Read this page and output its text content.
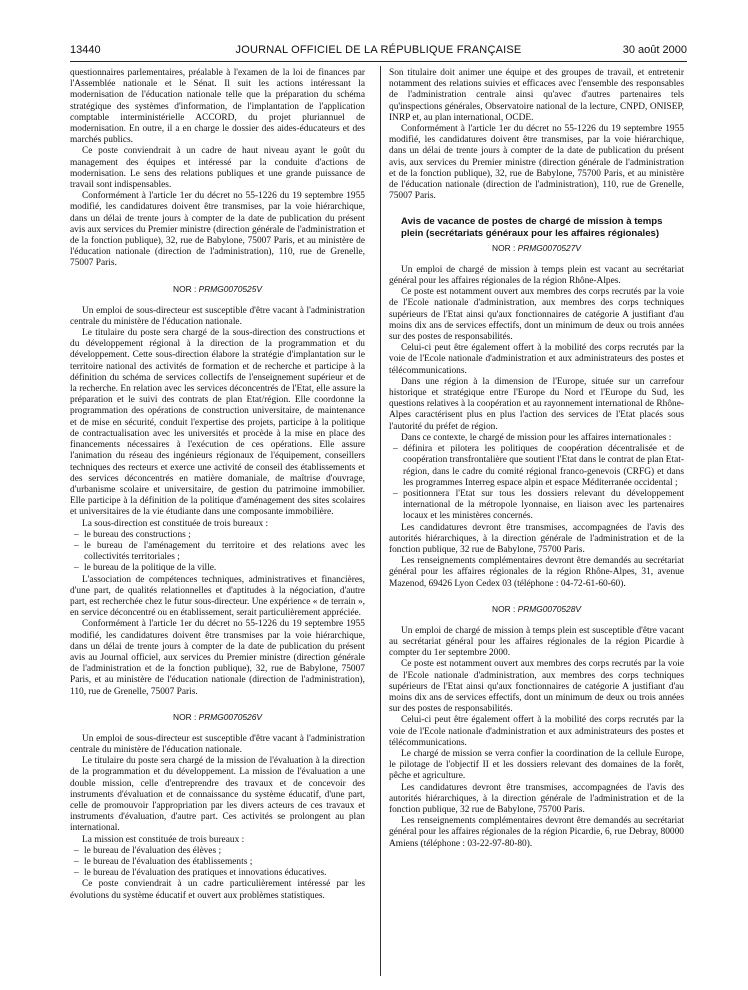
13440	JOURNAL OFFICIEL DE LA RÉPUBLIQUE FRANÇAISE	30 août 2000

questionnaires parlementaires, préalable à l'examen de la loi de finances par l'Assemblée nationale et le Sénat. Il suit les actions intéressant la modernisation de l'éducation nationale telle que la préparation du schéma stratégique des systèmes d'information, de l'implantation de l'application comptable interministérielle ACCORD, du projet pluriannuel de modernisation. En outre, il a en charge le dossier des aides-éducateurs et des marchés publics.

Ce poste conviendrait à un cadre de haut niveau ayant le goût du management des équipes et intéressé par la conduite d'actions de modernisation. Le sens des relations publiques et une grande puissance de travail sont indispensables.

Conformément à l'article 1er du décret no 55-1226 du 19 septembre 1955 modifié, les candidatures doivent être transmises, par la voie hiérarchique, dans un délai de trente jours à compter de la date de publication du présent avis aux services du Premier ministre (direction générale de l'administration et de la fonction publique), 32, rue de Babylone, 75007 Paris, et au ministère de l'éducation nationale (direction de l'administration), 110, rue de Grenelle, 75007 Paris.

NOR : PRMG0070525V

Un emploi de sous-directeur est susceptible d'être vacant à l'administration centrale du ministère de l'éducation nationale.

Le titulaire du poste sera chargé de la sous-direction des constructions et du développement régional à la direction de la programmation et du développement. Cette sous-direction élabore la stratégie d'implantation sur le territoire national des activités de formation et de recherche et participe à la définition du schéma de services collectifs de l'enseignement supérieur et de la recherche. En relation avec les services déconcentrés de l'Etat, elle assure la préparation et le suivi des contrats de plan Etat/région. Elle coordonne la programmation des opérations de construction universitaire, de maintenance et de mise en sécurité, conduit l'expertise des projets, participe à la politique de contractualisation avec les universités et procède à la mise en place des financements nécessaires à l'exécution de ces opérations. Elle assure l'animation du réseau des ingénieurs régionaux de l'équipement, conseillers techniques des recteurs et exerce une activité de conseil des établissements et des services déconcentrés en matière domaniale, de maîtrise d'ouvrage, d'urbanisme scolaire et universitaire, de gestion du patrimoine immobilier. Elle participe à la définition de la politique d'aménagement des sites scolaires et universitaires de la vie étudiante dans une composante immobilière.

La sous-direction est constituée de trois bureaux :

– le bureau des constructions ;
– le bureau de l'aménagement du territoire et des relations avec les collectivités territoriales ;
– le bureau de la politique de la ville.

L'association de compétences techniques, administratives et financières, d'une part, de qualités relationnelles et d'aptitudes à la négociation, d'autre part, est recherchée chez le futur sous-directeur. Une expérience « de terrain », en service déconcentré ou en établissement, serait particulièrement appréciée.

Conformément à l'article 1er du décret no 55-1226 du 19 septembre 1955 modifié, les candidatures doivent être transmises par la voie hiérarchique, dans un délai de trente jours à compter de la date de publication du présent avis au Journal officiel, aux services du Premier ministre (direction générale de l'administration et de la fonction publique), 32, rue de Babylone, 75007 Paris, et au ministère de l'éducation nationale (direction de l'administration), 110, rue de Grenelle, 75007 Paris.

NOR : PRMG0070526V

Un emploi de sous-directeur est susceptible d'être vacant à l'administration centrale du ministère de l'éducation nationale.

Le titulaire du poste sera chargé de la mission de l'évaluation à la direction de la programmation et du développement. La mission de l'évaluation a une double mission, celle d'entreprendre des travaux et de concevoir des instruments d'évaluation et de connaissance du système éducatif, d'une part, celle de promouvoir l'appropriation par les divers acteurs de ces travaux et instruments d'évaluation, d'autre part. Ces activités se prolongent au plan international.

La mission est constituée de trois bureaux :

– le bureau de l'évaluation des élèves ;
– le bureau de l'évaluation des établissements ;
– le bureau de l'évaluation des pratiques et innovations éducatives.

Ce poste conviendrait à un cadre particulièrement intéressé par les évolutions du système éducatif et ouvert aux problèmes statistiques.

Son titulaire doit animer une équipe et des groupes de travail, et entretenir notamment des relations suivies et efficaces avec l'ensemble des responsables de l'administration centrale ainsi qu'avec d'autres partenaires tels qu'inspections générales, Observatoire national de la lecture, CNPD, ONISEP, INRP et, au plan international, OCDE.

Conformément à l'article 1er du décret no 55-1226 du 19 septembre 1955 modifié, les candidatures doivent être transmises, par la voie hiérarchique, dans un délai de trente jours à compter de la date de publication du présent avis, aux services du Premier ministre (direction générale de l'administration et de la fonction publique), 32, rue de Babylone, 75700 Paris, et au ministère de l'éducation nationale (direction de l'administration), 110, rue de Grenelle, 75007 Paris.

Avis de vacance de postes de chargé de mission à temps plein (secrétariats généraux pour les affaires régionales)
NOR : PRMG0070527V

Un emploi de chargé de mission à temps plein est vacant au secrétariat général pour les affaires régionales de la région Rhône-Alpes.

Ce poste est notamment ouvert aux membres des corps recrutés par la voie de l'Ecole nationale d'administration, aux membres des corps techniques supérieurs de l'Etat ainsi qu'aux fonctionnaires de catégorie A justifiant d'au moins dix ans de services effectifs, dont un minimum de deux ou trois années sur des postes de responsabilités.

Celui-ci peut être également offert à la mobilité des corps recrutés par la voie de l'Ecole nationale d'administration et aux administrateurs des postes et télécommunications.

Dans une région à la dimension de l'Europe, située sur un carrefour historique et stratégique entre l'Europe du Nord et l'Europe du Sud, les questions relatives à la coopération et au rayonnement international de Rhône-Alpes caractérisent plus en plus l'action des services de l'Etat placés sous l'autorité du préfet de région.

Dans ce contexte, le chargé de mission pour les affaires internationales :

– définira et pilotera les politiques de coopération décentralisée et de coopération transfrontalière que soutient l'Etat dans le contrat de plan Etat-région, dans le cadre du comité régional franco-genevois (CRFG) et dans les programmes Interreg espace alpin et espace Méditerranée occidental ;
– positionnera l'Etat sur tous les dossiers relevant du développement international de la métropole lyonnaise, en liaison avec les partenaires locaux et les ministères concernés.

Les candidatures devront être transmises, accompagnées de l'avis des autorités hiérarchiques, à la direction générale de l'administration et de la fonction publique, 32 rue de Babylone, 75700 Paris.

Les renseignements complémentaires devront être demandés au secrétariat général pour les affaires régionales de la région Rhône-Alpes, 31, avenue Mazenod, 69426 Lyon Cedex 03 (téléphone : 04-72-61-60-60).

NOR : PRMG0070528V

Un emploi de chargé de mission à temps plein est susceptible d'être vacant au secrétariat général pour les affaires régionales de la région Picardie à compter du 1er septembre 2000.

Ce poste est notamment ouvert aux membres des corps recrutés par la voie de l'Ecole nationale d'administration, aux membres des corps techniques supérieurs de l'Etat ainsi qu'aux fonctionnaires de catégorie A justifiant d'au moins dix ans de services effectifs, dont un minimum de deux ou trois années sur des postes de responsabilités.

Celui-ci peut être également offert à la mobilité des corps recrutés par la voie de l'Ecole nationale d'administration et aux administrateurs des postes et télécommunications.

Le chargé de mission se verra confier la coordination de la cellule Europe, le pilotage de l'objectif II et les dossiers relevant des domaines de la forêt, pêche et agriculture.

Les candidatures devront être transmises, accompagnées de l'avis des autorités hiérarchiques, à la direction générale de l'administration et de la fonction publique, 32 rue de Babylone, 75700 Paris.

Les renseignements complémentaires devront être demandés au secrétariat général pour les affaires régionales de la région Picardie, 6, rue Debray, 80000 Amiens (téléphone : 03-22-97-80-80).
